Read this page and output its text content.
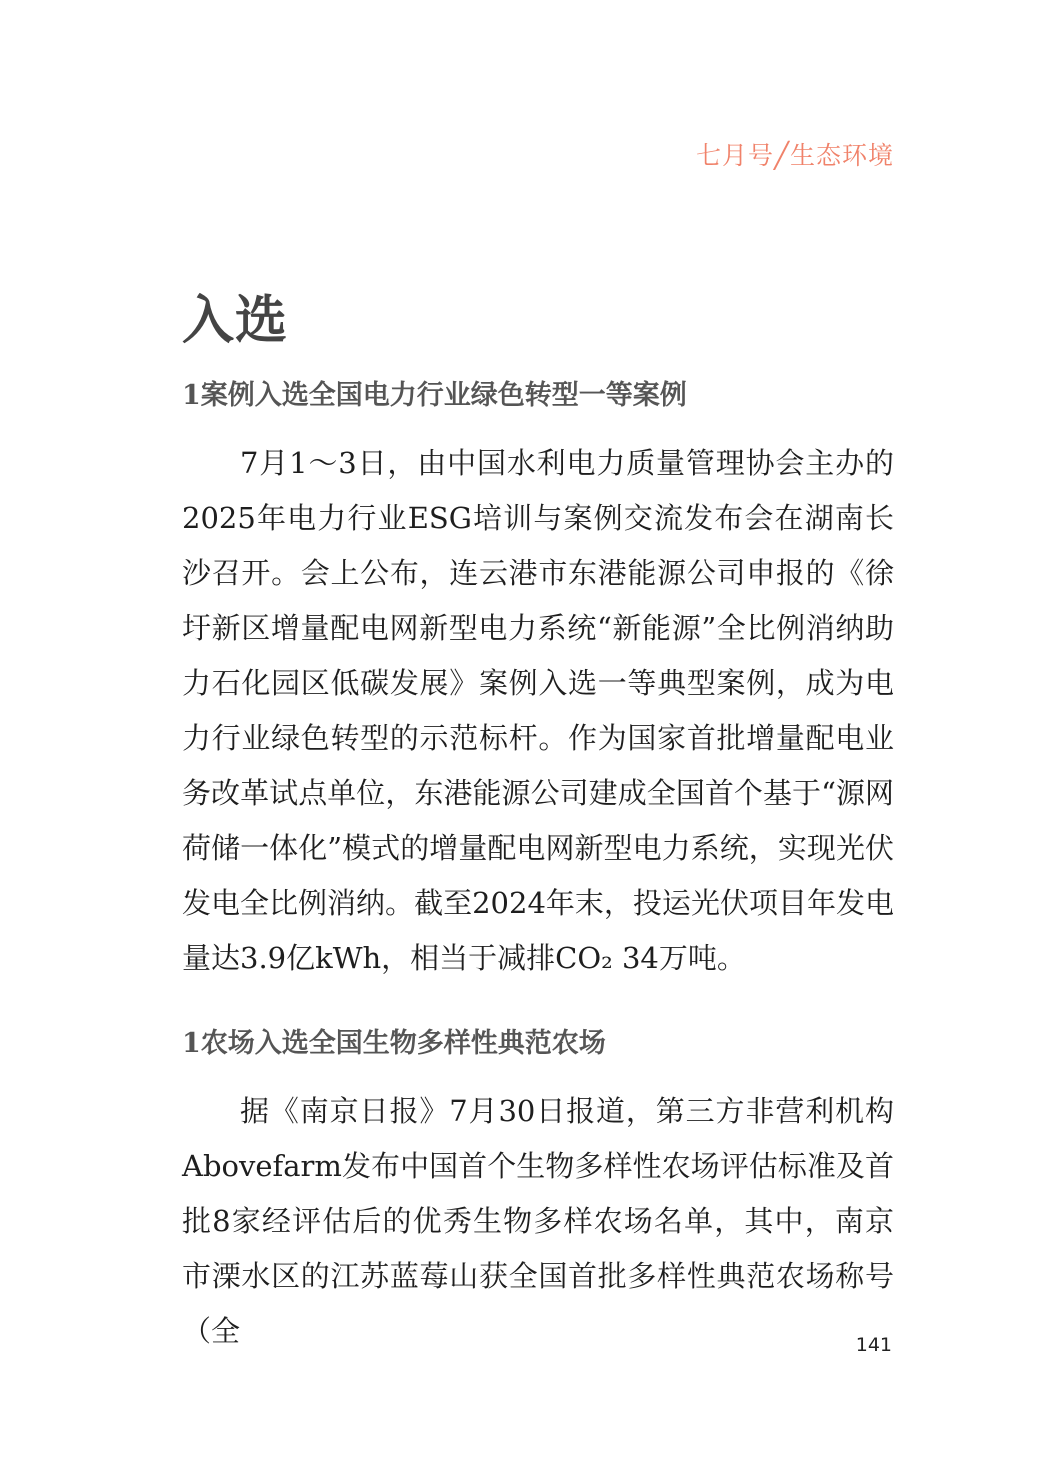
七月号╱生态环境
入选
1案例入选全国电力行业绿色转型一等案例

7月1～3日，由中国水利电力质量管理协会主办的2025年电力行业ESG培训与案例交流发布会在湖南长沙召开。会上公布，连云港市东港能源公司申报的《徐圩新区增量配电网新型电力系统“新能源”全比例消纳助力石化园区低碳发展》案例入选一等典型案例，成为电力行业绿色转型的示范标杆。作为国家首批增量配电业务改革试点单位，东港能源公司建成全国首个基于“源网荷储一体化”模式的增量配电网新型电力系统，实现光伏发电全比例消纳。截至2024年末，投运光伏项目年发电量达3.9亿kWh，相当于减排CO₂ 34万吨。

1农场入选全国生物多样性典范农场

据《南京日报》7月30日报道，第三方非营利机构Abovefarm发布中国首个生物多样性农场评估标准及首批8家经评估后的优秀生物多样农场名单，其中，南京市溧水区的江苏蓝莓山获全国首批多样性典范农场称号（全	141
